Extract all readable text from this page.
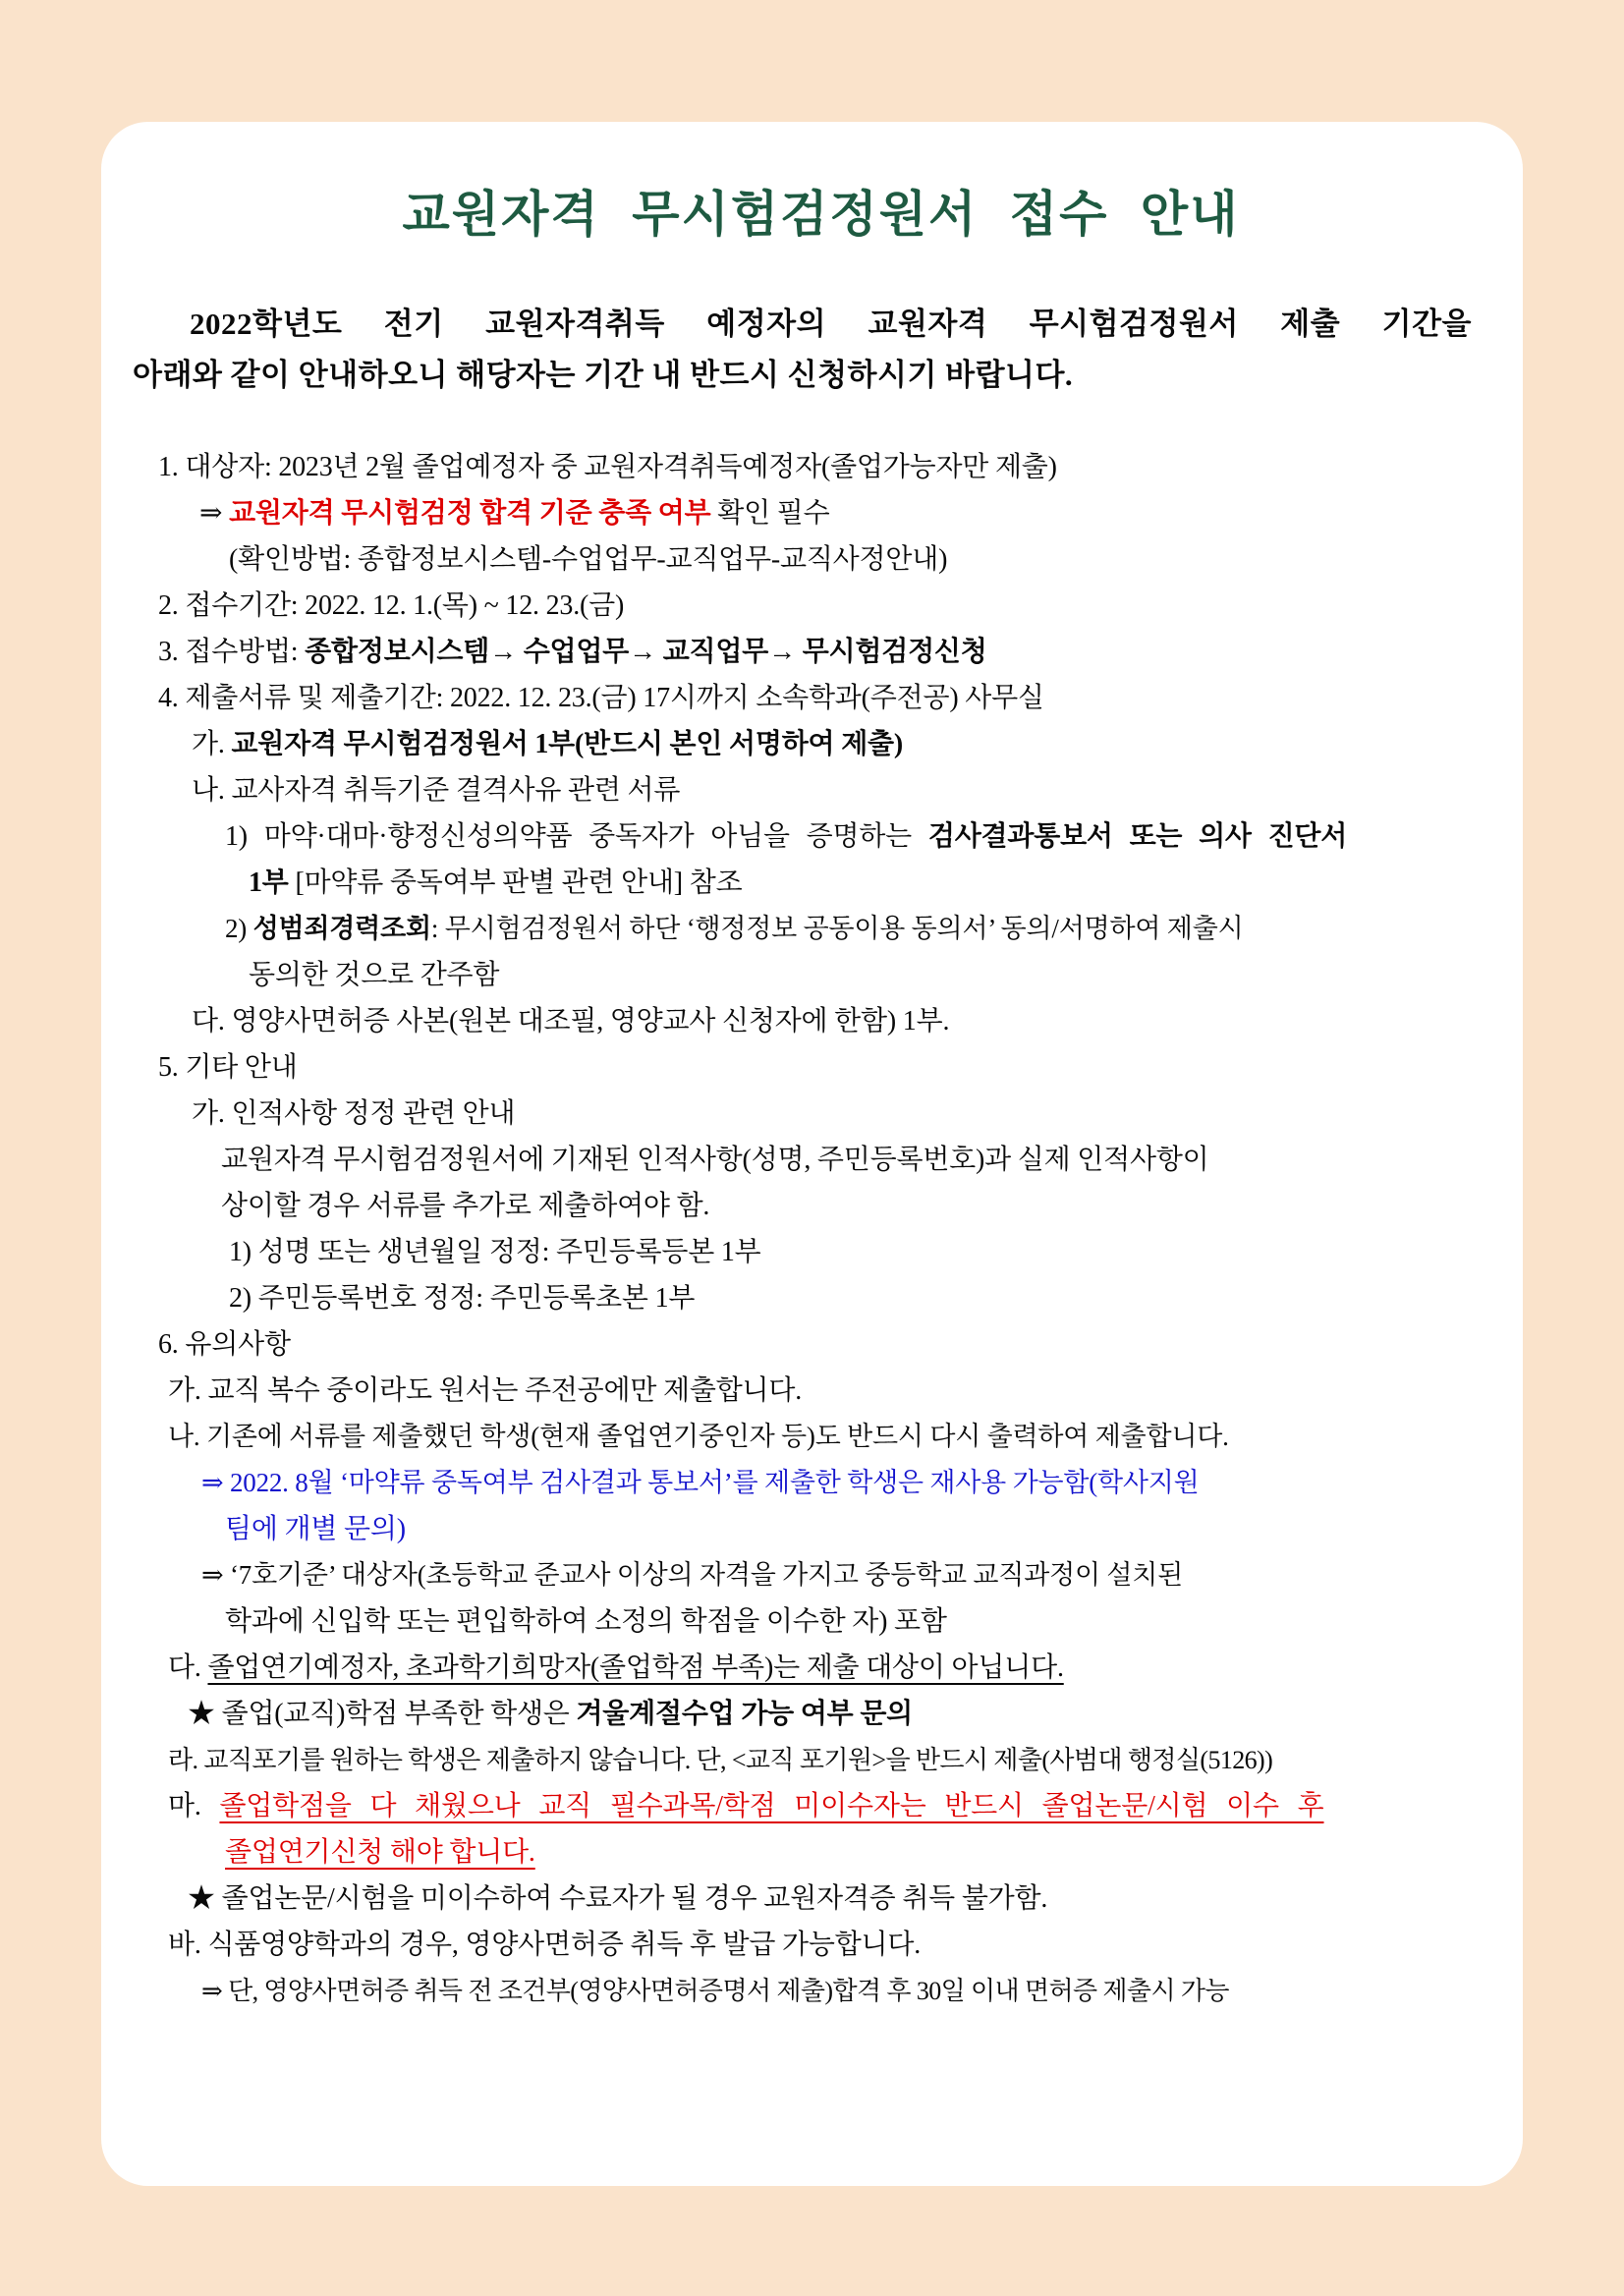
교원자격 무시험검정원서 접수 안내
2022학년도 전기 교원자격취득 예정자의 교원자격 무시험검정원서 제출 기간을
아래와 같이 안내하오니 해당자는 기간 내 반드시 신청하시기 바랍니다.
1. 대상자: 2023년 2월 졸업예정자 중 교원자격취득예정자(졸업가능자만 제출)
⇒ 교원자격 무시험검정 합격 기준 충족 여부 확인 필수
(확인방법: 종합정보시스템-수업업무-교직업무-교직사정안내)
2. 접수기간: 2022. 12. 1.(목) ~ 12. 23.(금)
3. 접수방법: 종합정보시스템→ 수업업무→ 교직업무→ 무시험검정신청
4. 제출서류 및 제출기간: 2022. 12. 23.(금) 17시까지 소속학과(주전공) 사무실
가. 교원자격 무시험검정원서 1부(반드시 본인 서명하여 제출)
나. 교사자격 취득기준 결격사유 관련 서류
1) 마약·대마·향정신성의약품 중독자가 아님을 증명하는 검사결과통보서 또는 의사 진단서
1부 [마약류 중독여부 판별 관련 안내] 참조
2) 성범죄경력조회: 무시험검정원서 하단 ‘행정정보 공동이용 동의서’ 동의/서명하여 제출시
동의한 것으로 간주함
다. 영양사면허증 사본(원본 대조필, 영양교사 신청자에 한함) 1부.
5. 기타 안내
가. 인적사항 정정 관련 안내
교원자격 무시험검정원서에 기재된 인적사항(성명, 주민등록번호)과 실제 인적사항이
상이할 경우 서류를 추가로 제출하여야 함.
1) 성명 또는 생년월일 정정: 주민등록등본 1부
2) 주민등록번호 정정: 주민등록초본 1부
6. 유의사항
가. 교직 복수 중이라도 원서는 주전공에만 제출합니다.
나. 기존에 서류를 제출했던 학생(현재 졸업연기중인자 등)도 반드시 다시 출력하여 제출합니다.
⇒ 2022. 8월 ‘마약류 중독여부 검사결과 통보서’를 제출한 학생은 재사용 가능함(학사지원
팀에 개별 문의)
⇒ ‘7호기준’ 대상자(초등학교 준교사 이상의 자격을 가지고 중등학교 교직과정이 설치된
학과에 신입학 또는 편입학하여 소정의 학점을 이수한 자) 포함
다. 졸업연기예정자, 초과학기희망자(졸업학점 부족)는 제출 대상이 아닙니다.
★ 졸업(교직)학점 부족한 학생은 겨울계절수업 가능 여부 문의
라. 교직포기를 원하는 학생은 제출하지 않습니다. 단, <교직 포기원>을 반드시 제출(사범대 행정실(5126))
마. 졸업학점을 다 채웠으나 교직 필수과목/학점 미이수자는 반드시 졸업논문/시험 이수 후
졸업연기신청 해야 합니다.
★ 졸업논문/시험을 미이수하여 수료자가 될 경우 교원자격증 취득 불가함.
바. 식품영양학과의 경우, 영양사면허증 취득 후 발급 가능합니다.
⇒ 단, 영양사면허증 취득 전 조건부(영양사면허증명서 제출)합격 후 30일 이내 면허증 제출시 가능
